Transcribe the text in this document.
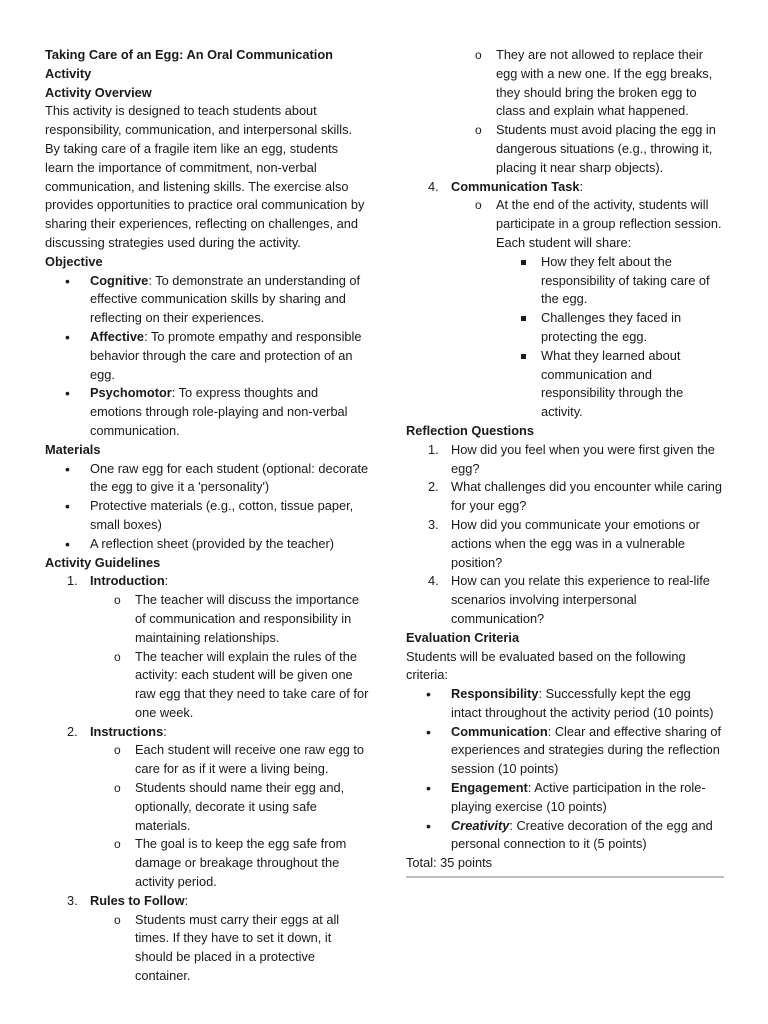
Taking Care of an Egg: An Oral Communication Activity

Activity Overview

This activity is designed to teach students about responsibility, communication, and interpersonal skills. By taking care of a fragile item like an egg, students learn the importance of commitment, non-verbal communication, and listening skills. The exercise also provides opportunities to practice oral communication by sharing their experiences, reflecting on challenges, and discussing strategies used during the activity.

Objective

• Cognitive: To demonstrate an understanding of effective communication skills by sharing and reflecting on their experiences.
• Affective: To promote empathy and responsible behavior through the care and protection of an egg.
• Psychomotor: To express thoughts and emotions through role-playing and non-verbal communication.

Materials

• One raw egg for each student (optional: decorate the egg to give it a 'personality')
• Protective materials (e.g., cotton, tissue paper, small boxes)
• A reflection sheet (provided by the teacher)

Activity Guidelines

1. Introduction:
o The teacher will discuss the importance of communication and responsibility in maintaining relationships.
o The teacher will explain the rules of the activity: each student will be given one raw egg that they need to take care of for one week.
2. Instructions:
o Each student will receive one raw egg to care for as if it were a living being.
o Students should name their egg and, optionally, decorate it using safe materials.
o The goal is to keep the egg safe from damage or breakage throughout the activity period.
3. Rules to Follow:
o Students must carry their eggs at all times. If they have to set it down, it should be placed in a protective container.
o They are not allowed to replace their egg with a new one. If the egg breaks, they should bring the broken egg to class and explain what happened.
o Students must avoid placing the egg in dangerous situations (e.g., throwing it, placing it near sharp objects).
4. Communication Task:
o At the end of the activity, students will participate in a group reflection session. Each student will share:
How they felt about the responsibility of taking care of the egg.
Challenges they faced in protecting the egg.
What they learned about communication and responsibility through the activity.

Reflection Questions

1. How did you feel when you were first given the egg?
2. What challenges did you encounter while caring for your egg?
3. How did you communicate your emotions or actions when the egg was in a vulnerable position?
4. How can you relate this experience to real-life scenarios involving interpersonal communication?

Evaluation Criteria

Students will be evaluated based on the following criteria:

• Responsibility: Successfully kept the egg intact throughout the activity period (10 points)
• Communication: Clear and effective sharing of experiences and strategies during the reflection session (10 points)
• Engagement: Active participation in the role-playing exercise (10 points)
• Creativity: Creative decoration of the egg and personal connection to it (5 points)

Total: 35 points
